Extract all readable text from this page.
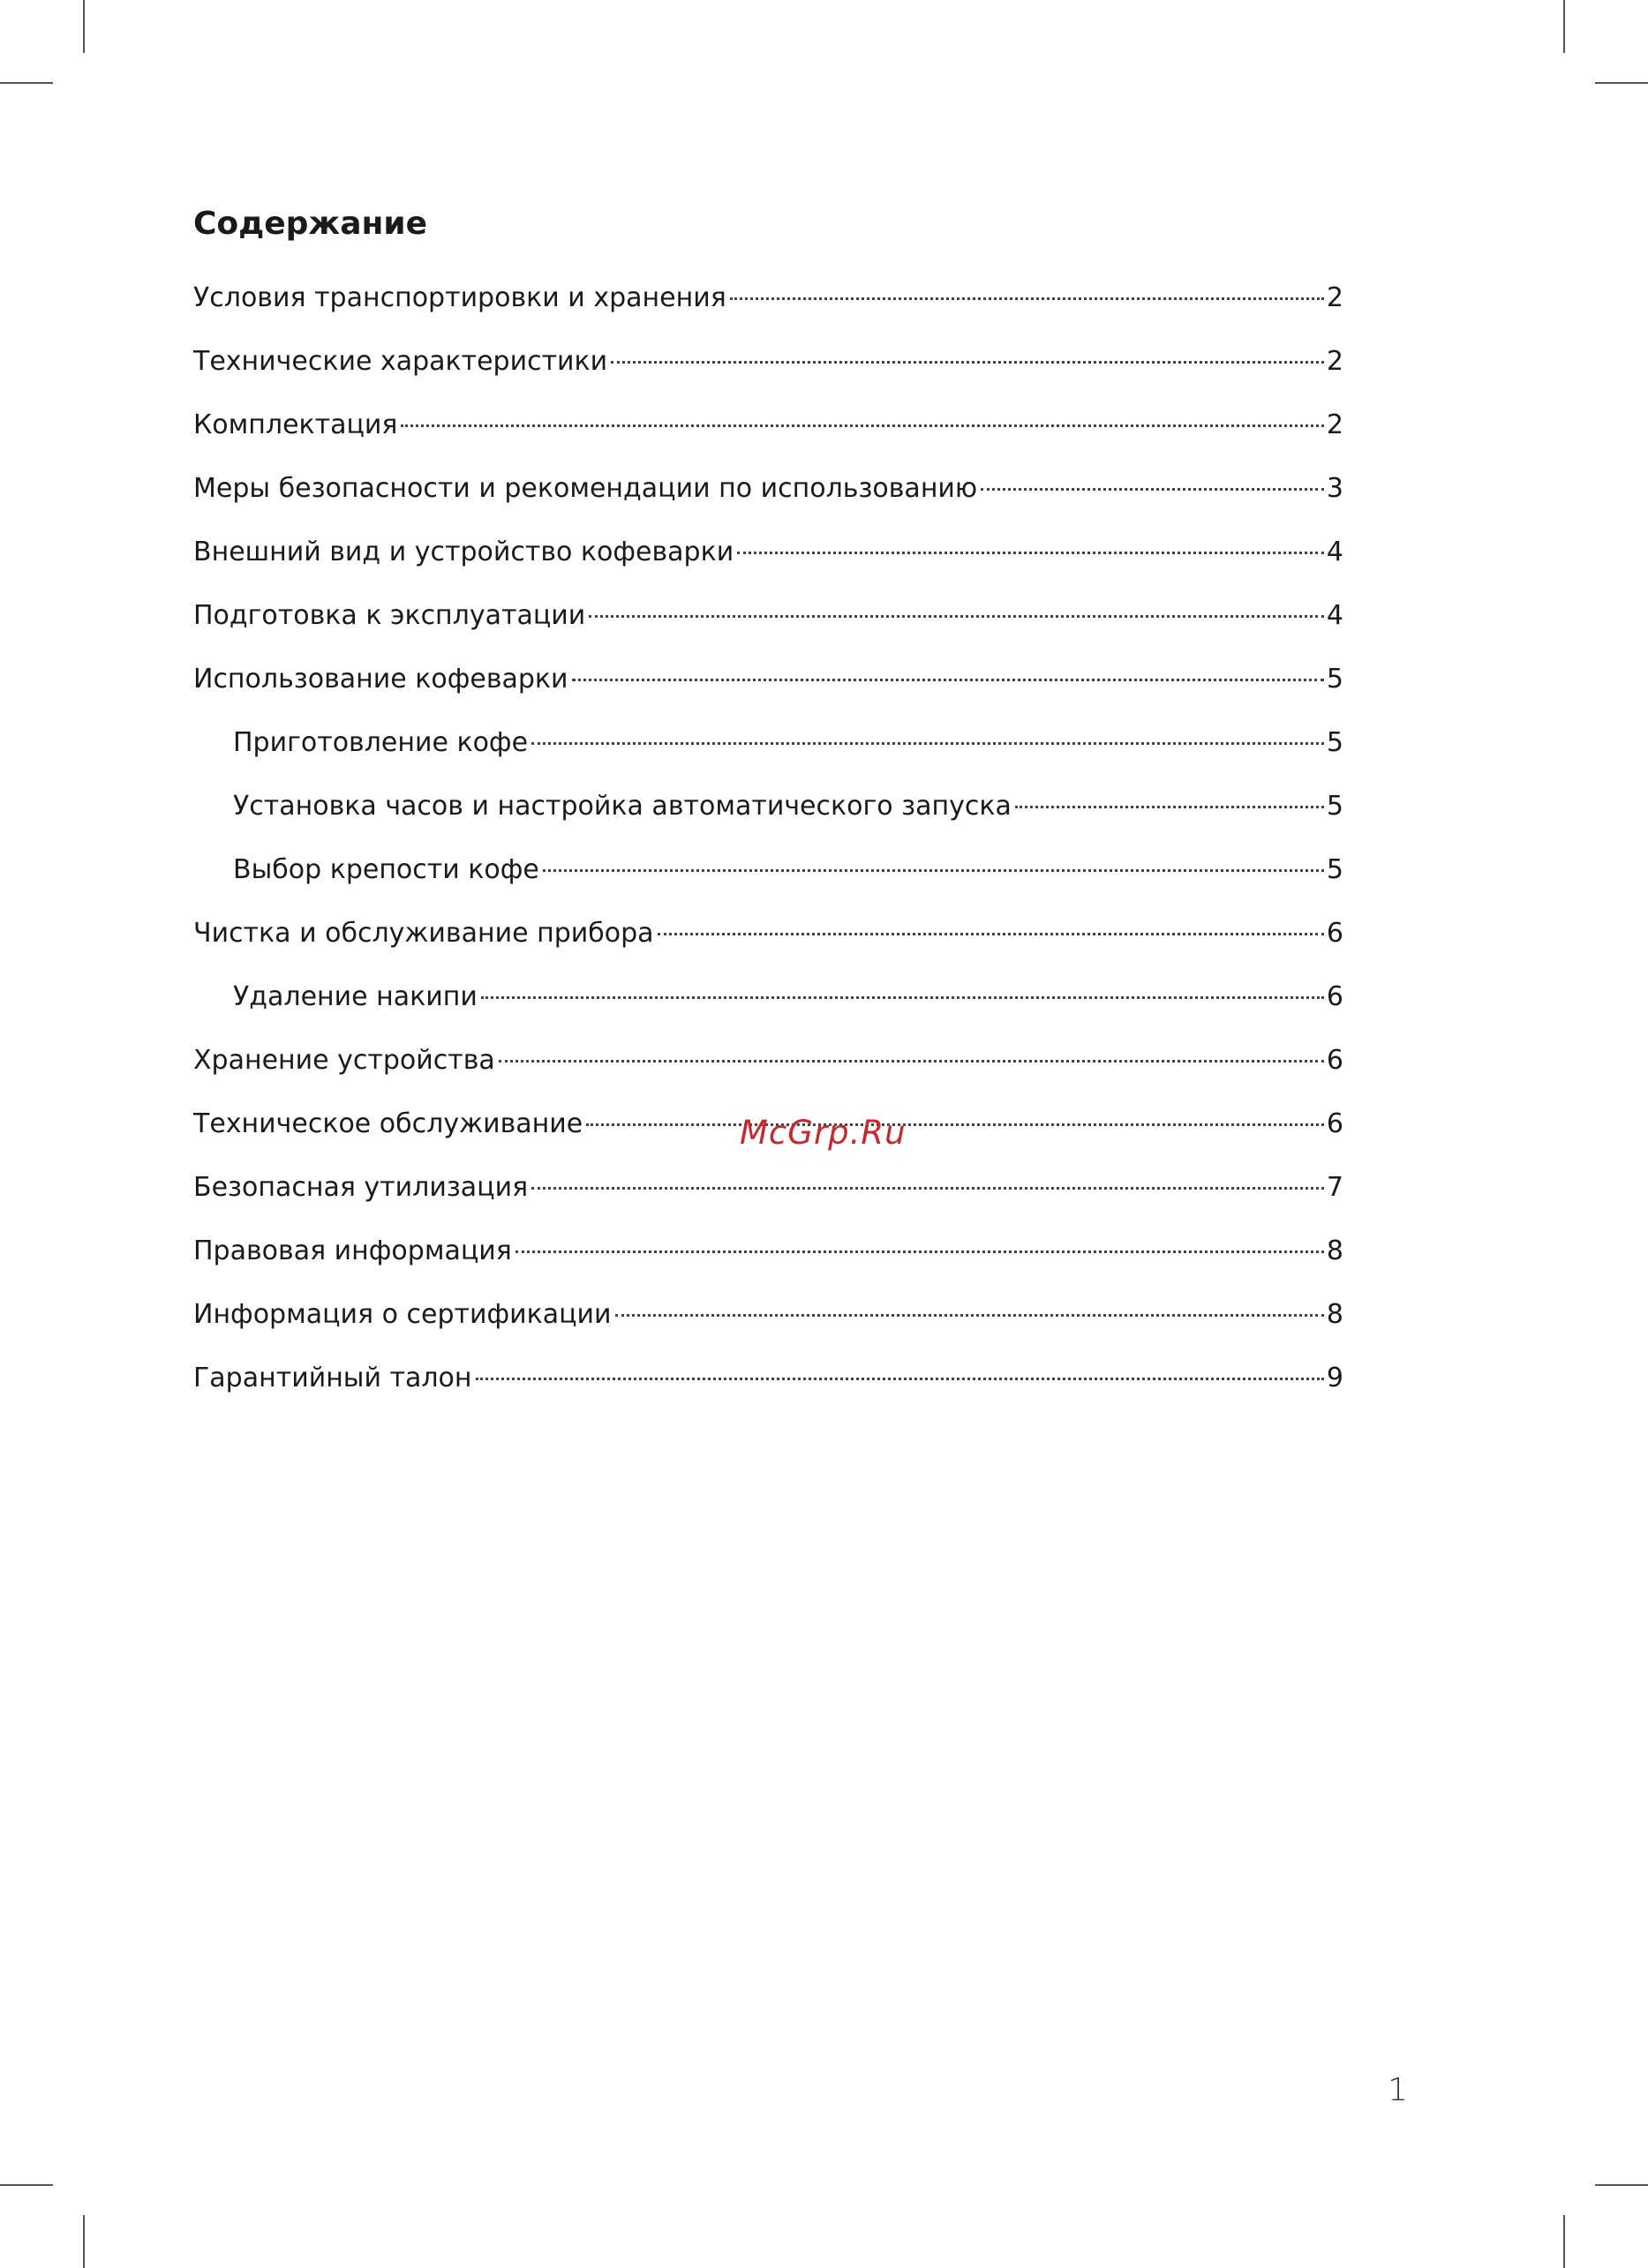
Содержание
Условия транспортировки и хранения	2
Технические характеристики	2
Комплектация	2
Меры безопасности и рекомендации по использованию	3
Внешний вид и устройство кофеварки	4
Подготовка к эксплуатации	4
Использование кофеварки	5
Приготовление кофе	5
Установка часов и настройка автоматического запуска	5
Выбор крепости кофе	5
Чистка и обслуживание прибора	6
Удаление накипи	6
Хранение устройства	6
Техническое обслуживание	6
Безопасная утилизация	7
Правовая информация	8
Информация о сертификации	8
Гарантийный талон	9
McGrp.Ru
1
